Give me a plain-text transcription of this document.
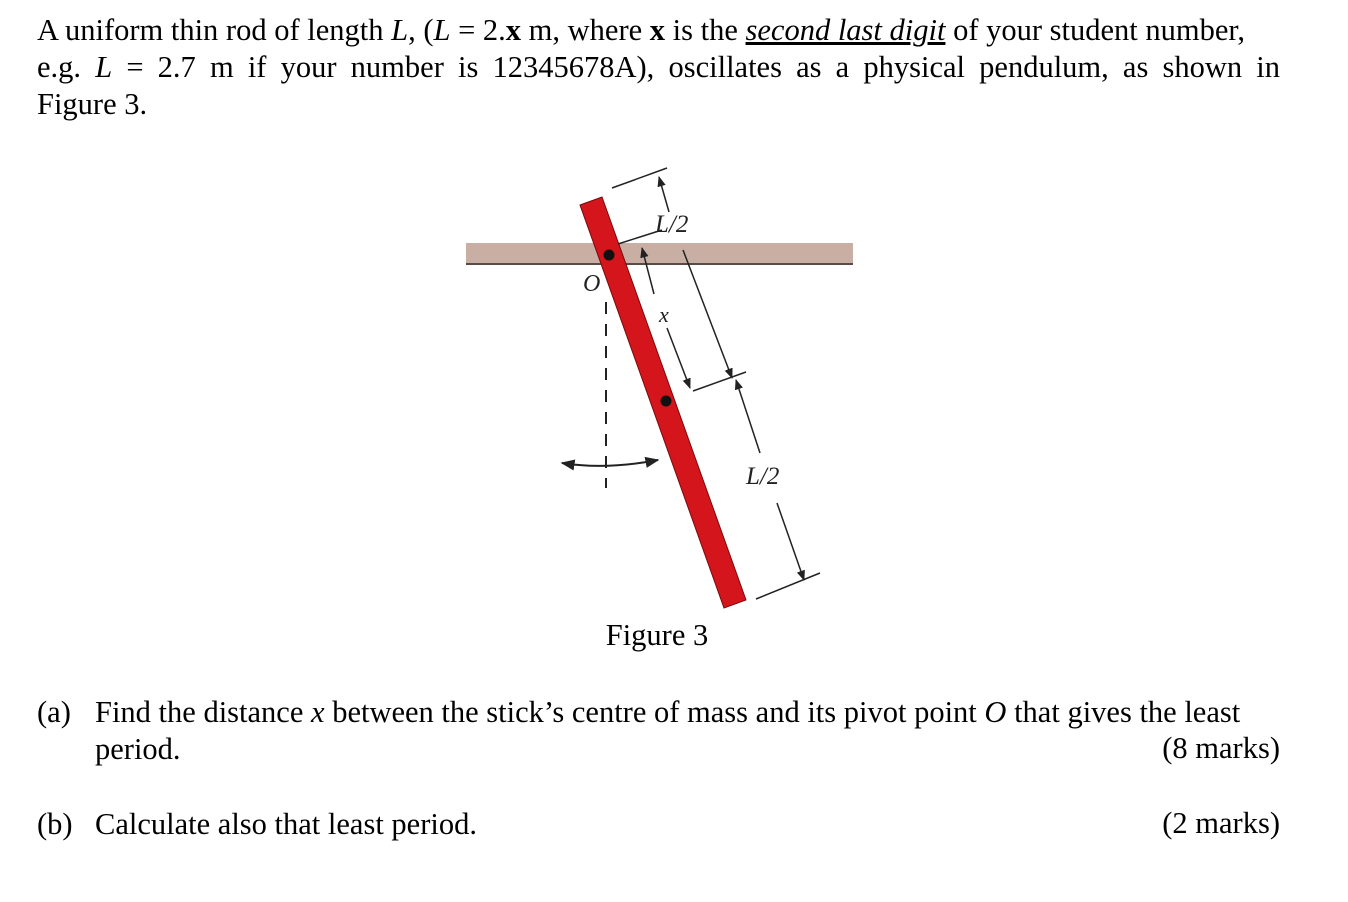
A uniform thin rod of length L, (L = 2.x m, where x is the second last digit of your student number,
e.g. L = 2.7 m if your number is 12345678A), oscillates as a physical pendulum, as shown in
Figure 3.
L/2
x
O
L/2
Figure 3
(a) Find the distance x between the stick’s centre of mass and its pivot point O that gives the least
period.	(8 marks)
(b) Calculate also that least period.	(2 marks)
